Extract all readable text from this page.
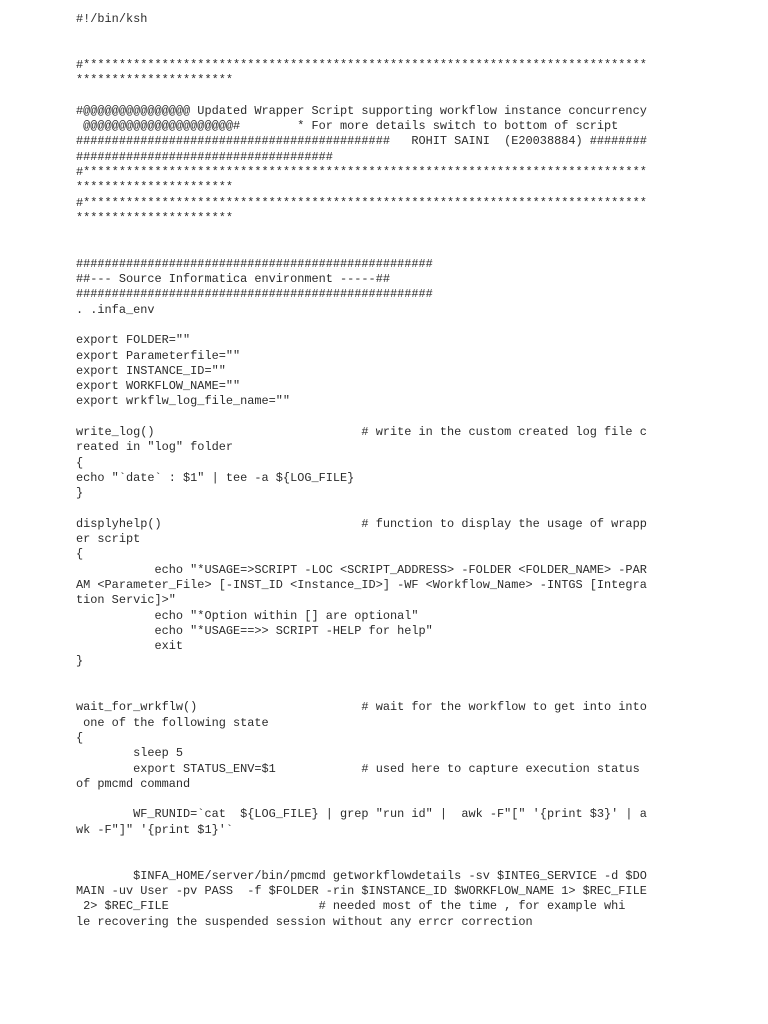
#!/bin/ksh

#*******************************************************************************
**********************

#@@@@@@@@@@@@@@@ Updated Wrapper Script supporting workflow instance concurrency
@@@@@@@@@@@@@@@@@@@@@#        * For more details switch to bottom of script
############################################   ROHIT SAINI  (E20038884) ########
####################################
#*******************************************************************************
**********************
#*******************************************************************************
**********************

##################################################
##--- Source Informatica environment -----##
##################################################
. .infa_env

export FOLDER=""
export Parameterfile=""
export INSTANCE_ID=""
export WORKFLOW_NAME=""
export wrkflw_log_file_name=""

write_log()                             # write in the custom created log file c
reated in "log" folder
{
echo "`date` : $1" | tee -a ${LOG_FILE}
}

displyhelp()                            # function to display the usage of wrapp
er script
{
echo "*USAGE=>SCRIPT -LOC <SCRIPT_ADDRESS> -FOLDER <FOLDER_NAME> -PAR
AM <Parameter_File> [-INST_ID <Instance_ID>] -WF <Workflow_Name> -INTGS [Integra
tion Servic]>"
echo "*Option within [] are optional"
echo "*USAGE==>> SCRIPT -HELP for help"
exit
}

wait_for_wrkflw()                       # wait for the workflow to get into into
one of the following state
{
sleep 5
export STATUS_ENV=$1            # used here to capture execution status
of pmcmd command

WF_RUNID=`cat  ${LOG_FILE} | grep "run id" |  awk -F"[" '{print $3}' | a
wk -F"]" '{print $1}'`

$INFA_HOME/server/bin/pmcmd getworkflowdetails -sv $INTEG_SERVICE -d $DO
MAIN -uv User -pv PASS  -f $FOLDER -rin $INSTANCE_ID $WORKFLOW_NAME 1> $REC_FILE
2> $REC_FILE                     # needed most of the time , for example whi
le recovering the suspended session without any errcr correction
